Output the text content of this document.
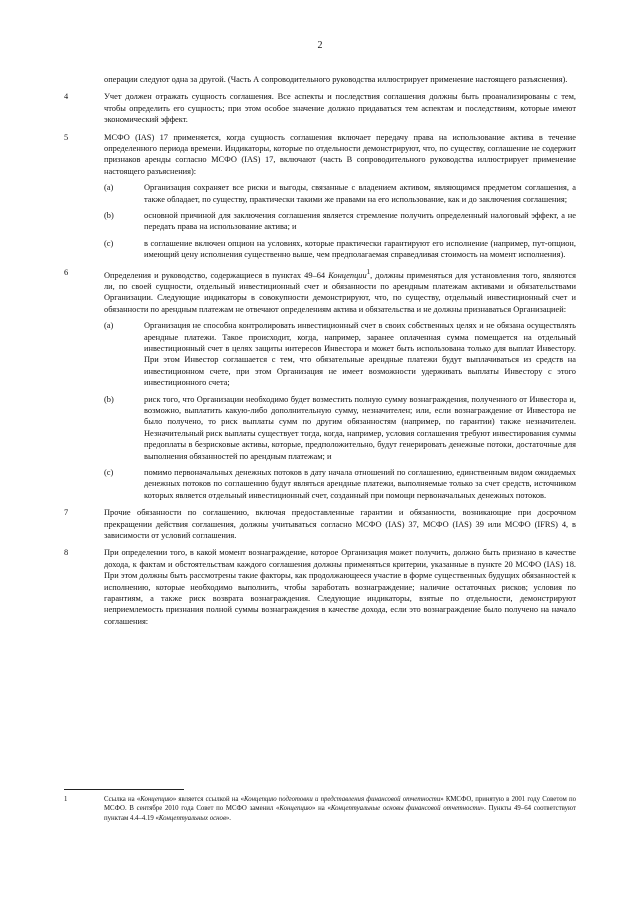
2
операции следуют одна за другой. (Часть А сопроводительного руководства иллюстрирует применение настоящего разъяснения).
4	Учет должен отражать сущность соглашения. Все аспекты и последствия соглашения должны быть проанализированы с тем, чтобы определить его сущность; при этом особое значение должно придаваться тем аспектам и последствиям, которые имеют экономический эффект.
5	МСФО (IAS) 17 применяется, когда сущность соглашения включает передачу права на использование актива в течение определенного периода времени. Индикаторы, которые по отдельности демонстрируют, что, по существу, соглашение не содержит признаков аренды согласно МСФО (IAS) 17, включают (часть В сопроводительного руководства иллюстрирует применение настоящего разъяснения):
(a)	Организация сохраняет все риски и выгоды, связанные с владением активом, являющимся предметом соглашения, а также обладает, по существу, практически такими же правами на его использование, как и до заключения соглашения;
(b)	основной причиной для заключения соглашения является стремление получить определенный налоговый эффект, а не передать права на использование актива; и
(c)	в соглашение включен опцион на условиях, которые практически гарантируют его исполнение (например, пут-опцион, имеющий цену исполнения существенно выше, чем предполагаемая справедливая стоимость на момент исполнения).
6	Определения и руководство, содержащиеся в пунктах 49–64 Концепции$^1$, должны применяться для установления того, являются ли, по своей сущности, отдельный инвестиционный счет и обязанности по арендным платежам активами и обязательствами Организации. Следующие индикаторы в совокупности демонстрируют, что, по существу, отдельный инвестиционный счет и обязанности по арендным платежам не отвечают определениям актива и обязательства и не должны признаваться Организацией:
(a)	Организация не способна контролировать инвестиционный счет в своих собственных целях и не обязана осуществлять арендные платежи. Такое происходит, когда, например, заранее оплаченная сумма помещается на отдельный инвестиционный счет в целях защиты интересов Инвестора и может быть использована только для выплат Инвестору. При этом Инвестор соглашается с тем, что обязательные арендные платежи будут выплачиваться из средств на инвестиционном счете, при этом Организация не имеет возможности удерживать выплаты Инвестору с этого инвестиционного счета;
(b)	риск того, что Организации необходимо будет возместить полную сумму вознаграждения, полученного от Инвестора и, возможно, выплатить какую-либо дополнительную сумму, незначителен; или, если вознаграждение от Инвестора не было получено, то риск выплаты сумм по другим обязанностям (например, по гарантии) также незначителен. Незначительный риск выплаты существует тогда, когда, например, условия соглашения требуют инвестирования суммы предоплаты в безрисковые активы, которые, предположительно, будут генерировать денежные потоки, достаточные для выполнения обязанностей по арендным платежам; и
(c)	помимо первоначальных денежных потоков в дату начала отношений по соглашению, единственным видом ожидаемых денежных потоков по соглашению будут являться арендные платежи, выполняемые только за счет средств, источником которых является отдельный инвестиционный счет, созданный при помощи первоначальных денежных потоков.
7	Прочие обязанности по соглашению, включая предоставленные гарантии и обязанности, возникающие при досрочном прекращении действия соглашения, должны учитываться согласно МСФО (IAS) 37, МСФО (IAS) 39 или МСФО (IFRS) 4, в зависимости от условий соглашения.
8	При определении того, в какой момент вознаграждение, которое Организация может получить, должно быть признано в качестве дохода, к фактам и обстоятельствам каждого соглашения должны применяться критерии, указанные в пункте 20 МСФО (IAS) 18. При этом должны быть рассмотрены такие факторы, как продолжающееся участие в форме существенных будущих обязанностей к исполнению, которые необходимо выполнить, чтобы заработать вознаграждение; наличие остаточных рисков; условия по гарантиям, а также риск возврата вознаграждения. Следующие индикаторы, взятые по отдельности, демонстрируют неприемлемость признания полной суммы вознаграждения в качестве дохода, если это вознаграждение было получено на начало соглашения:
1	Ссылка на «Концепцию» является ссылкой на «Концепцию подготовки и представления финансовой отчетности» КМСФО, принятую в 2001 году Советом по МСФО. В сентябре 2010 года Совет по МСФО заменил «Концепцию» на «Концептуальные основы финансовой отчетности». Пункты 49–64 соответствуют пунктам 4.4–4.19 «Концептуальных основ».
